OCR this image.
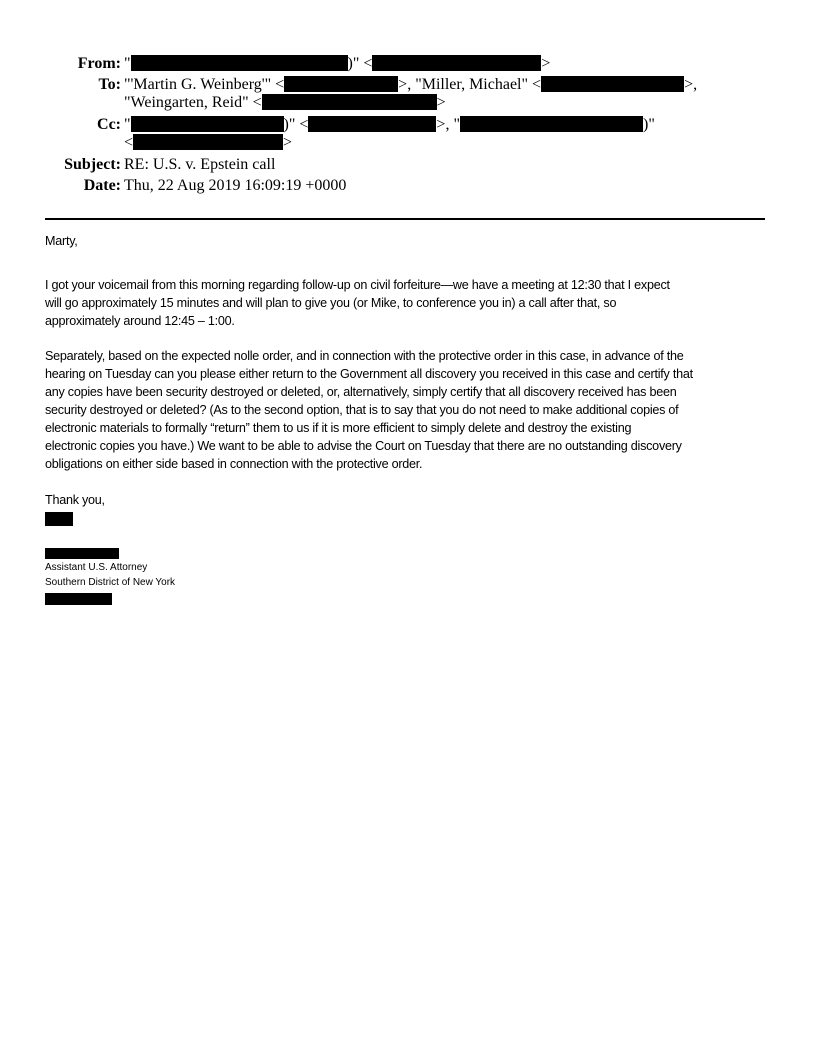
From: "	)" <	>
To: "'Martin G. Weinberg'" <	>, "Miller, Michael" <	>,
"Weingarten, Reid" <	>
Cc: "	)" <	>, "	)"
<	>
Subject: RE: U.S. v. Epstein call
Date: Thu, 22 Aug 2019 16:09:19 +0000
Marty,
I got your voicemail from this morning regarding follow-up on civil forfeiture—we have a meeting at 12:30 that I expect
will go approximately 15 minutes and will plan to give you (or Mike, to conference you in) a call after that, so
approximately around 12:45 – 1:00.
Separately, based on the expected nolle order, and in connection with the protective order in this case, in advance of the
hearing on Tuesday can you please either return to the Government all discovery you received in this case and certify that
any copies have been security destroyed or deleted, or, alternatively, simply certify that all discovery received has been
security destroyed or deleted? (As to the second option, that is to say that you do not need to make additional copies of
electronic materials to formally “return” them to us if it is more efficient to simply delete and destroy the existing
electronic copies you have.) We want to be able to advise the Court on Tuesday that there are no outstanding discovery
obligations on either side based in connection with the protective order.
Thank you,
Assistant U.S. Attorney
Southern District of New York
